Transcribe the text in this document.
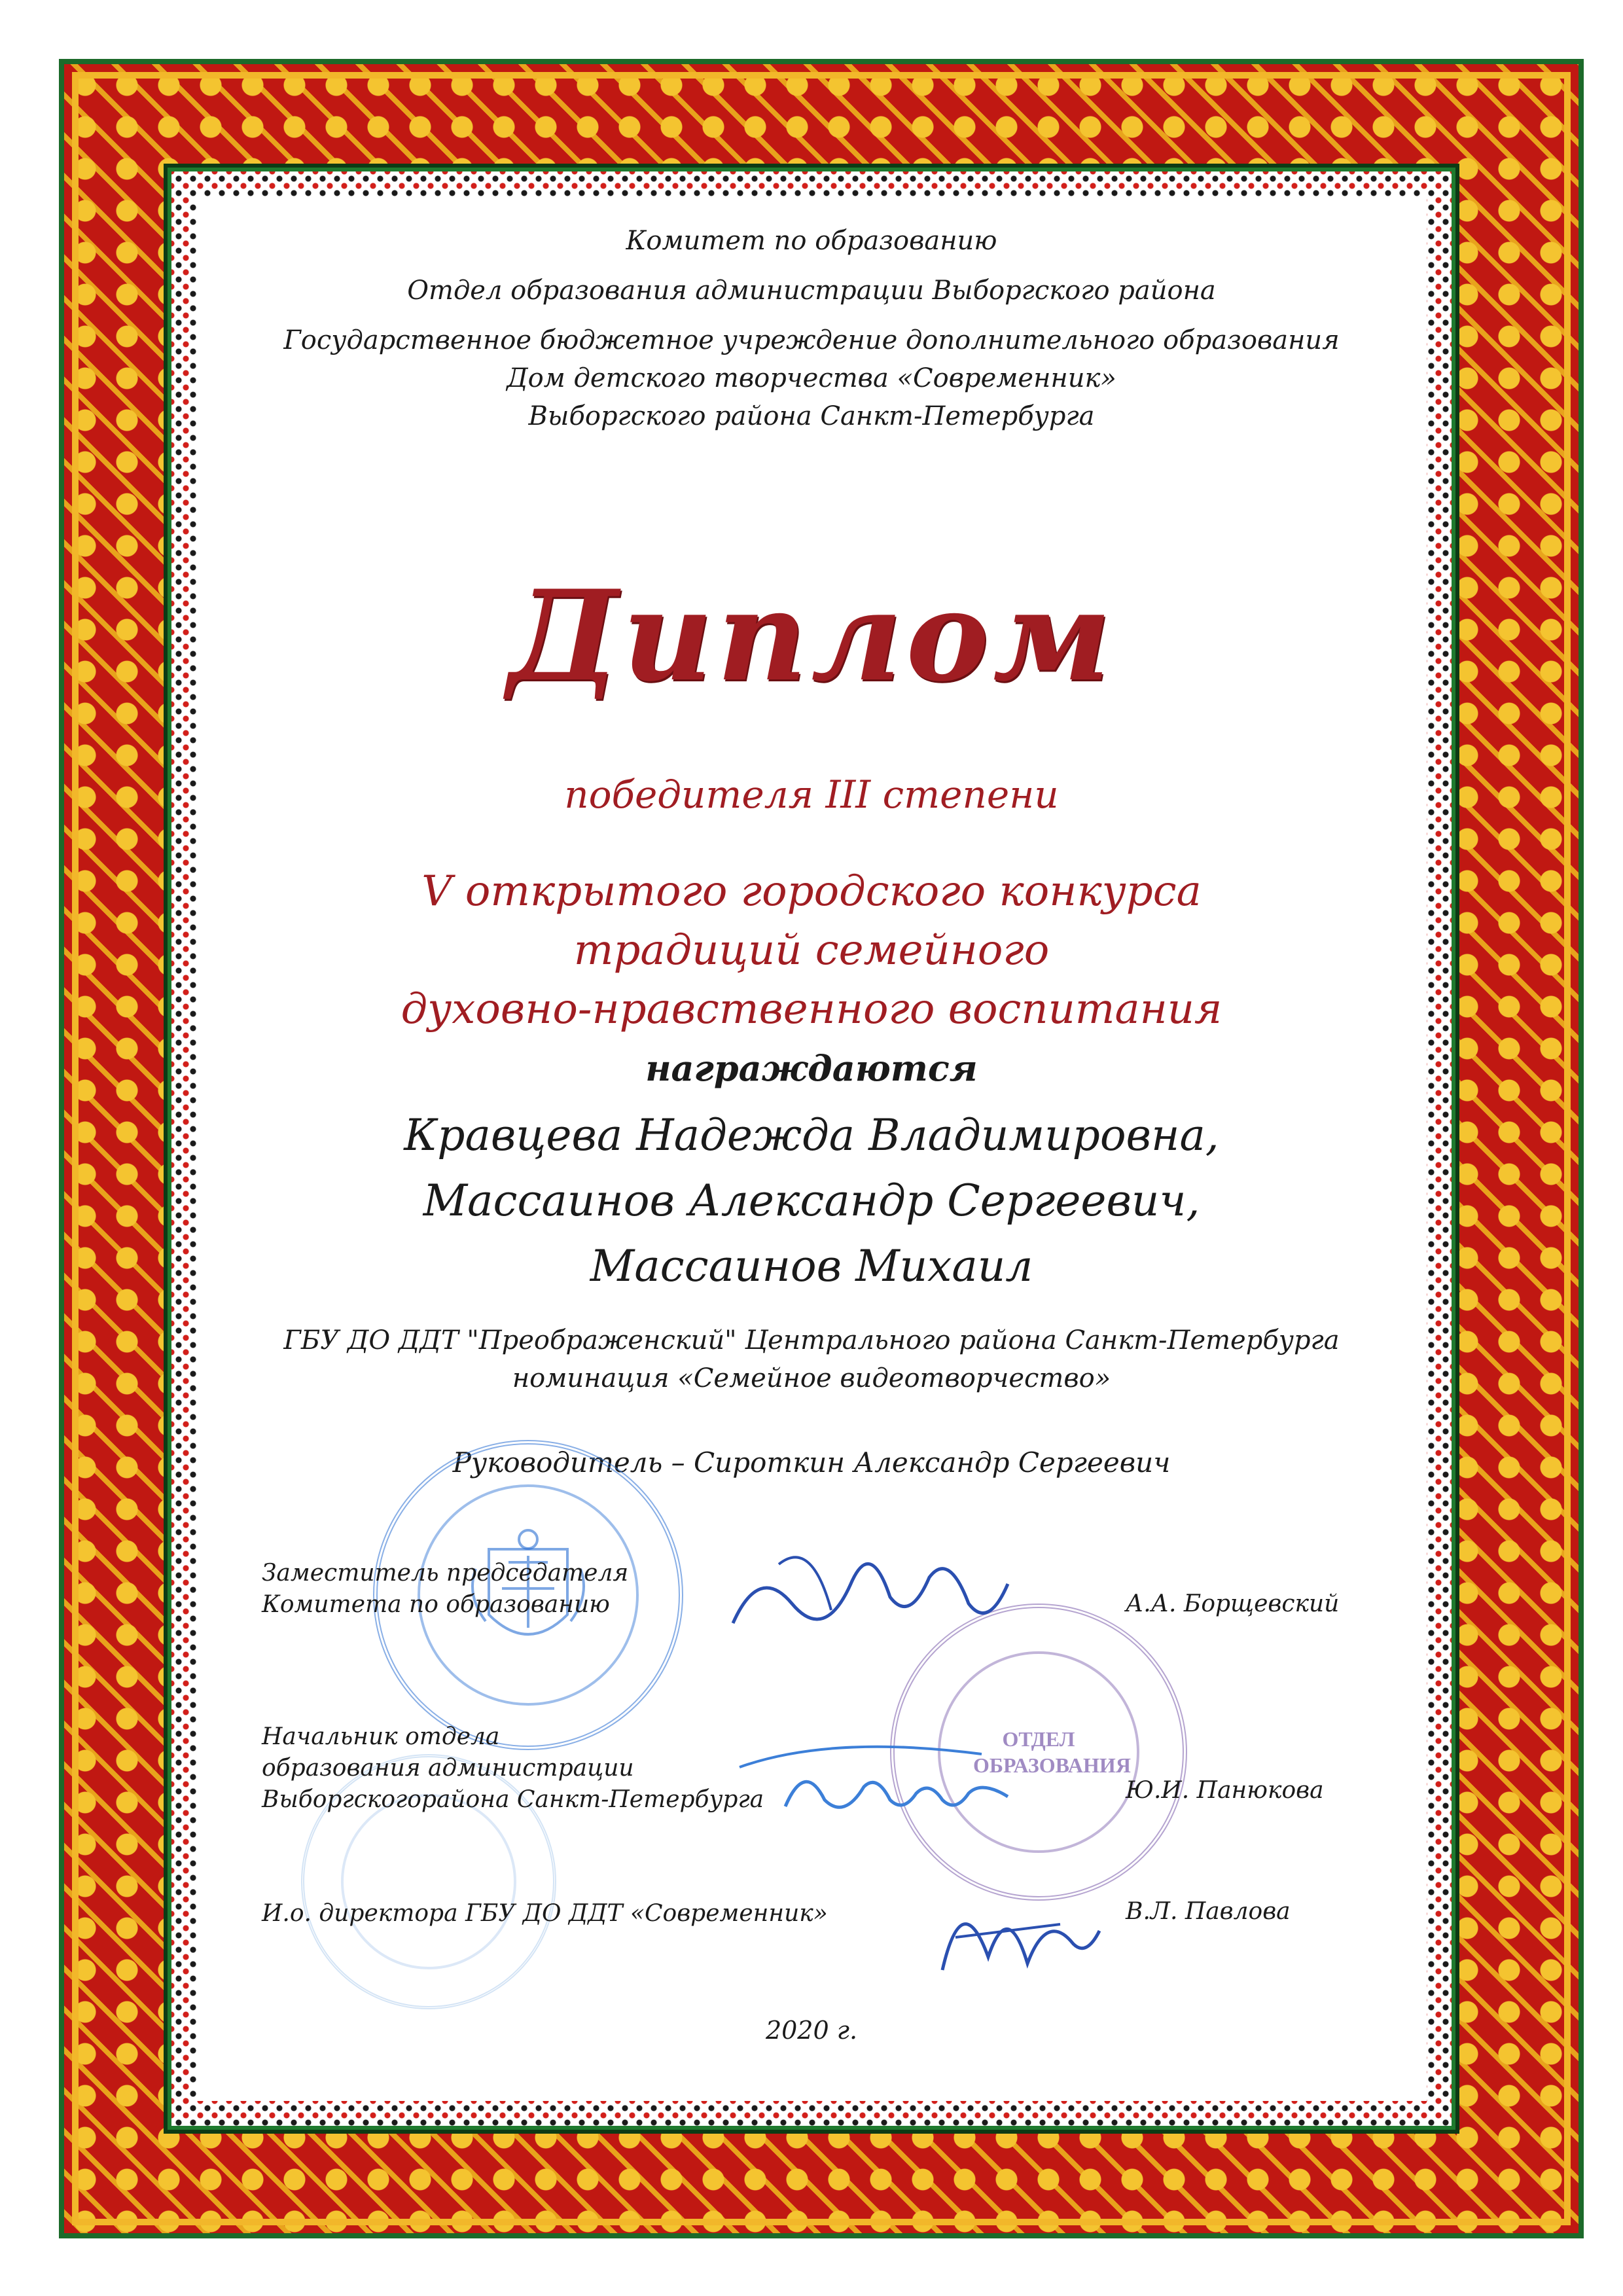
Комитет по образованию
Отдел образования администрации Выборгского района
Государственное бюджетное учреждение дополнительного образования
Дом детского творчества «Современник»
Выборгского района Санкт-Петербурга
Диплом
победителя III степени
V открытого городского конкурса
традиций семейного
духовно-нравственного воспитания
награждаются
Кравцева Надежда Владимировна,
Массаинов Александр Сергеевич,
Массаинов Михаил
ГБУ ДО ДДТ "Преображенский" Центрального района Санкт-Петербурга
номинация «Семейное видеотворчество»
Руководитель – Сироткин Александр Сергеевич
ОТДЕЛ ОБРАЗОВАНИЯ
Заместитель председателя
Комитета по образованию	А.А. Борщевский
Начальник отдела
образования администрации
Выборгскогорайона Санкт-Петербурга	Ю.И. Панюкова
И.о. директора ГБУ ДО ДДТ «Современник»	В.Л. Павлова
2020 г.
